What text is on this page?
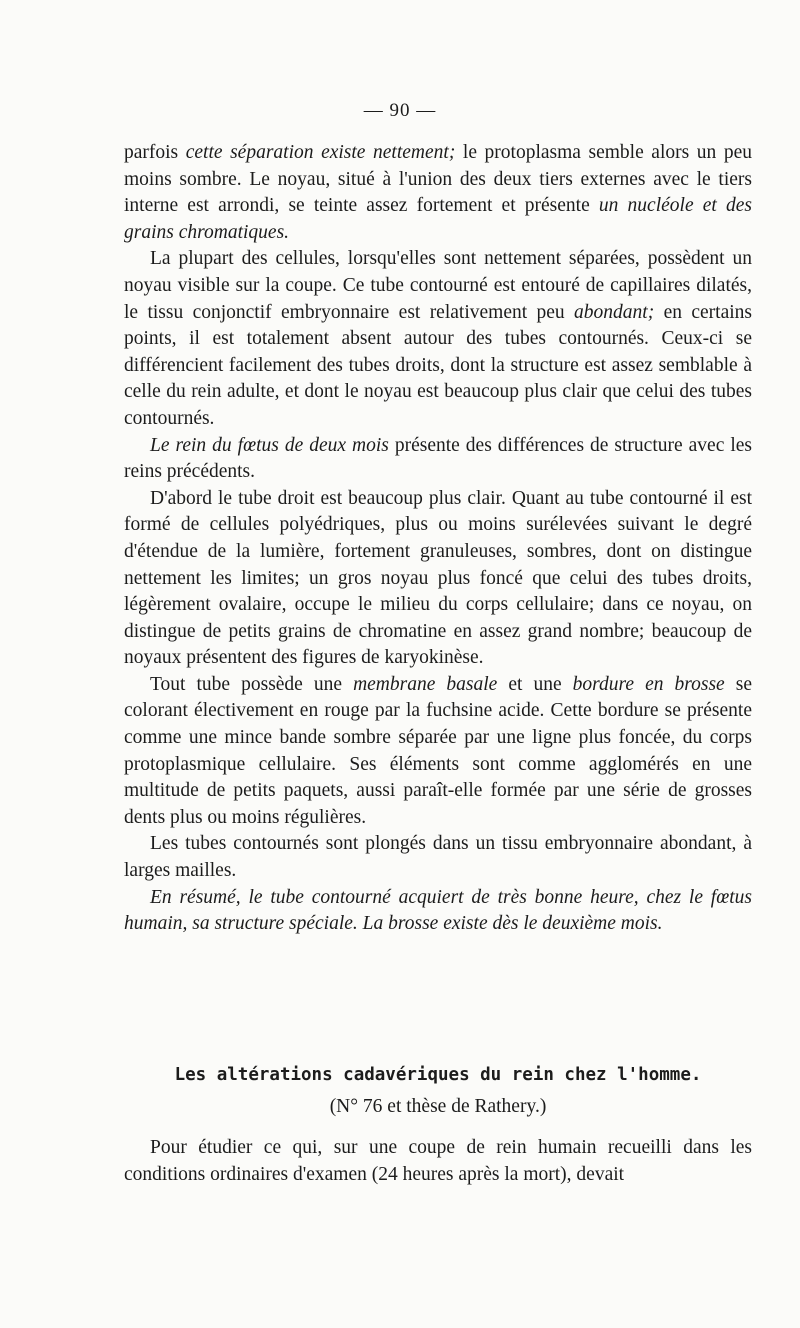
— 90 —

parfois cette séparation existe nettement; le protoplasma semble alors un peu moins sombre. Le noyau, situé à l'union des deux tiers externes avec le tiers interne est arrondi, se teinte assez fortement et présente un nucléole et des grains chromatiques.

La plupart des cellules, lorsqu'elles sont nettement séparées, possèdent un noyau visible sur la coupe. Ce tube contourné est entouré de capillaires dilatés, le tissu conjonctif embryonnaire est relativement peu abondant; en certains points, il est totalement absent autour des tubes contournés. Ceux-ci se différencient facilement des tubes droits, dont la structure est assez semblable à celle du rein adulte, et dont le noyau est beaucoup plus clair que celui des tubes contournés.

Le rein du fœtus de deux mois présente des différences de structure avec les reins précédents.

D'abord le tube droit est beaucoup plus clair. Quant au tube contourné il est formé de cellules polyédriques, plus ou moins surélevées suivant le degré d'étendue de la lumière, fortement granuleuses, sombres, dont on distingue nettement les limites; un gros noyau plus foncé que celui des tubes droits, légèrement ovalaire, occupe le milieu du corps cellulaire; dans ce noyau, on distingue de petits grains de chromatine en assez grand nombre; beaucoup de noyaux présentent des figures de karyokinèse.

Tout tube possède une membrane basale et une bordure en brosse se colorant électivement en rouge par la fuchsine acide. Cette bordure se présente comme une mince bande sombre séparée par une ligne plus foncée, du corps protoplasmique cellulaire. Ses éléments sont comme agglomérés en une multitude de petits paquets, aussi paraît-elle formée par une série de grosses dents plus ou moins régulières.

Les tubes contournés sont plongés dans un tissu embryonnaire abondant, à larges mailles.

En résumé, le tube contourné acquiert de très bonne heure, chez le fœtus humain, sa structure spéciale. La brosse existe dès le deuxième mois.

Les altérations cadavériques du rein chez l'homme.
(N° 76 et thèse de Rathery.)
Pour étudier ce qui, sur une coupe de rein humain recueilli dans les conditions ordinaires d'examen (24 heures après la mort), devait
